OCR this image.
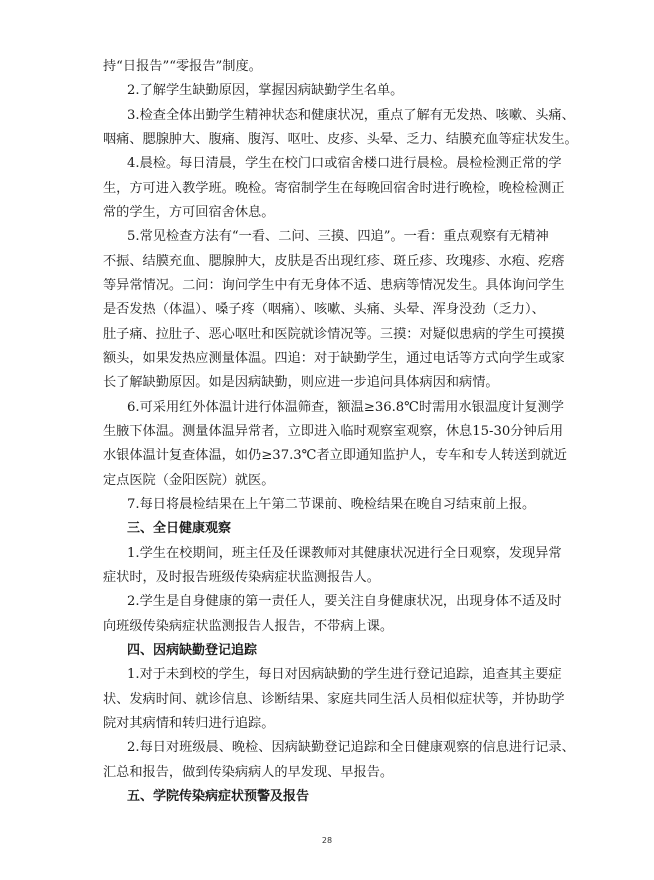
持“日报告”“零报告”制度。
2.了解学生缺勤原因，掌握因病缺勤学生名单。
3.检查全体出勤学生精神状态和健康状况，重点了解有无发热、咳嗽、头痛、
咽痛、腮腺肿大、腹痛、腹泻、呕吐、皮疹、头晕、乏力、结膜充血等症状发生。
4.晨检。每日清晨，学生在校门口或宿舍楼口进行晨检。晨检检测正常的学
生，方可进入教学班。晚检。寄宿制学生在每晚回宿舍时进行晚检，晚检检测正
常的学生，方可回宿舍休息。
5.常见检查方法有“一看、二问、三摸、四追”。一看：重点观察有无精神
不振、结膜充血、腮腺肿大，皮肤是否出现红疹、斑丘疹、玫瑰疹、水疱、疙瘩
等异常情况。二问：询问学生中有无身体不适、患病等情况发生。具体询问学生
是否发热（体温）、嗓子疼（咽痛）、咳嗽、头痛、头晕、浑身没劲（乏力）、
肚子痛、拉肚子、恶心呕吐和医院就诊情况等。三摸：对疑似患病的学生可摸摸
额头，如果发热应测量体温。四追：对于缺勤学生，通过电话等方式向学生或家
长了解缺勤原因。如是因病缺勤，则应进一步追问具体病因和病情。
6.可采用红外体温计进行体温筛查，额温≥36.8℃时需用水银温度计复测学
生腋下体温。测量体温异常者，立即进入临时观察室观察，休息15-30分钟后用
水银体温计复查体温，如仍≥37.3℃者立即通知监护人，专车和专人转送到就近
定点医院（金阳医院）就医。
7.每日将晨检结果在上午第二节课前、晚检结果在晚自习结束前上报。
三、全日健康观察
1.学生在校期间，班主任及任课教师对其健康状况进行全日观察，发现异常
症状时，及时报告班级传染病症状监测报告人。
2.学生是自身健康的第一责任人，要关注自身健康状况，出现身体不适及时
向班级传染病症状监测报告人报告，不带病上课。
四、因病缺勤登记追踪
1.对于未到校的学生，每日对因病缺勤的学生进行登记追踪，追查其主要症
状、发病时间、就诊信息、诊断结果、家庭共同生活人员相似症状等，并协助学
院对其病情和转归进行追踪。
2.每日对班级晨、晚检、因病缺勤登记追踪和全日健康观察的信息进行记录、
汇总和报告，做到传染病病人的早发现、早报告。
五、学院传染病症状预警及报告
28
